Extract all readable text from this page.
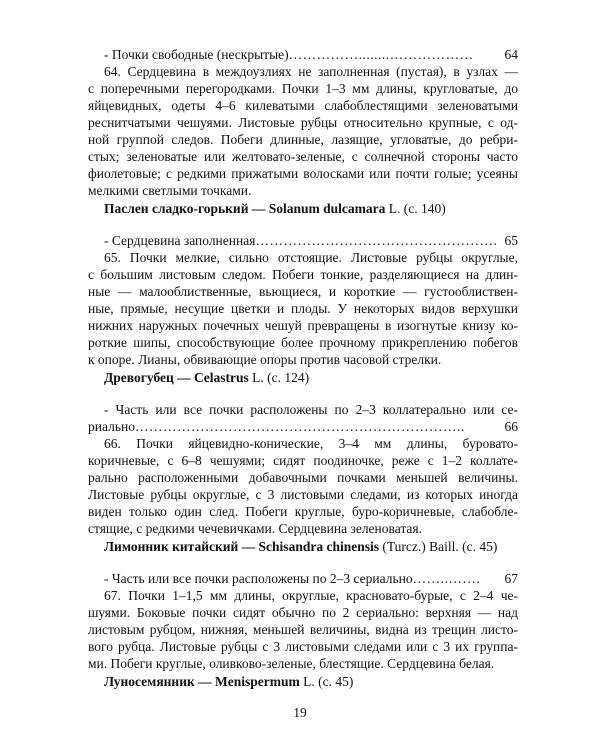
- Почки свободные (нескрытые) ……………........………………	64
64. Сердцевина в междоузлиях не заполненная (пустая), в узлах —
с поперечными перегородками. Почки 1–3 мм длины, кругловатые, до
яйцевидных, одеты 4–6 килеватыми слабоблестящими зеленоватыми
реснитчатыми чешуями. Листовые рубцы относительно крупные, с од-
ной группой следов. Побеги длинные, лазящие, угловатые, до ребри-
стых; зеленоватые или желтовато-зеленые, с солнечной стороны часто
фиолетовые; с редкими прижатыми волосками или почти голые; усеяны
мелкими светлыми точками.
Паслен сладко-горький — Solanum dulcamara L. (с. 140)
- Сердцевина заполненная ……………………………………………. 65
65. Почки мелкие, сильно отстоящие. Листовые рубцы округлые,
с большим листовым следом. Побеги тонкие, разделяющиеся на длин-
ные — малооблиственные, вьющиеся, и короткие — густооблиствен-
ные, прямые, несущие цветки и плоды. У некоторых видов верхушки
нижних наружных почечных чешуй превращены в изогнутые книзу ко-
роткие шипы, способствующие более прочному прикреплению побегов
к опоре. Лианы, обвивающие опоры против часовой стрелки.
Древогубец — Celastrus L. (с. 124)
- Часть или все почки расположены по 2–3 коллатерально или се-
риально ……………………………………………………………..	66
66. Почки яйцевидно-конические, 3–4 мм длины, буровато-
коричневые, с 6–8 чешуями; сидят поодиночке, реже с 1–2 коллате-
рально расположенными добавочными почками меньшей величины.
Листовые рубцы округлые, с 3 листовыми следами, из которых иногда
виден только один след. Побеги круглые, буро-коричневые, слабобле-
стящие, с редкими чечевичками. Сердцевина зеленоватая.
Лимонник китайский — Schisandra chinensis (Turcz.) Baill. (с. 45)
- Часть или все почки расположены по 2–3 сериально ……..…….	67
67. Почки 1–1,5 мм длины, округлые, красновато-бурые, с 2–4 че-
шуями. Боковые почки сидят обычно по 2 сериально: верхняя — над
листовым рубцом, нижняя, меньшей величины, видна из трещин листо-
вого рубца. Листовые рубцы с 3 листовыми следами или с 3 их группа-
ми. Побеги круглые, оливково-зеленые, блестящие. Сердцевина белая.
Луносемянник — Menispermum L. (с. 45)
19
